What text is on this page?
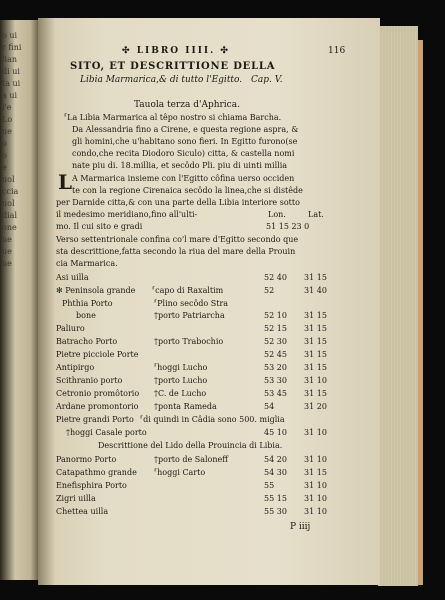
o ui
r fini
lian
di ui
ta ui
a ui
l'e
Lo
ue
o
o
e
uol
ccia
uol
dial
one
ue
ue
ue
✣ LIBRO IIII. ✣	116
SITO, ET DESCRITTIONE DELLA
Libia Marmarica,& di tutto l'Egitto. Cap. V.
Tauola terza d'Aphrica.
⸢La Libia Marmarica al têpo nostro si chiama Barcha.
Da Alessandria fino a Cirene, e questa regione aspra, &
gli homini,che u'habitano sono fieri. In Egitto furono(se
condo,che recita Diodoro Siculo) citta, & castella nomi
nate piu di. 18.millia, et secôdo Pli. piu di uinti millia
L A Marmarica insieme con l'Egitto côfina uerso occiden
te con la regione Cirenaica secôdo la linea,che si distêde
per Darnide citta,& con una parte della Libia interiore sotto
il medesimo meridiano,fino all'ulti-	Lon.	Lat.
mo. Il cui sito e gradi	51 15 23 0
Verso settentrionale confina co'l mare d'Egitto secondo que
sta descrittione,fatta secondo la riua del mare della Prouin
cia Marmarica.
Asi uilla	52 40 31 15
✻ Peninsola grande ⸢capo di Raxaltim	52	31 40
Phthia Porto	⸢Plino secôdo Stra
bone	†porto Patriarcha	52 10 31 15
Paliuro	52 15 31 15
Batracho Porto	†porto Trabochio	52 30 31 15
Pietre picciole Porte	52 45 31 15
Antipirgo	⸢hoggi Lucho	53 20 31 15
Scithranio porto	†porto Lucho	53 30 31 10
Cetronio promôtorio †C. de Lucho	53 45 31 15
Ardane promontorio †ponta Rameda	54	31 20
Pietre grandi Porto ⸢di quindi in Câdia sono 500. miglia
†hoggi Casale porto	45 10 31 10
Descrittione del Lido della Prouincia di Libia.
Panormo Porto	†porto de Saloneff	54 20 31 10
Catapathmo grande ⸢hoggi Carto	54 30 31 15
Enefisphira Porto	55	31 10
Zigri uilla	55 15 31 10
Chettea uilla	55 30 31 10
P iiij
